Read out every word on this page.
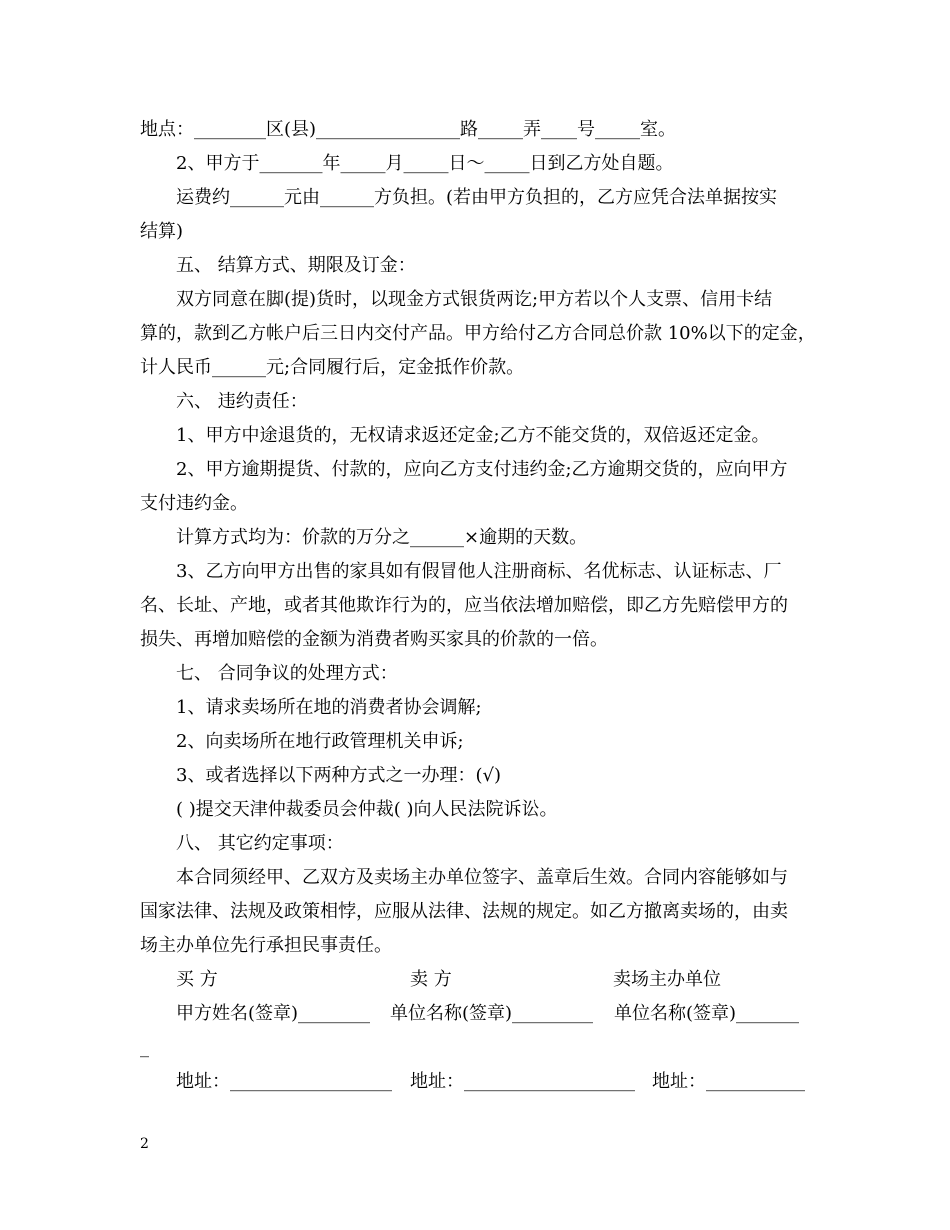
地点：________区(县)________________路_____弄____号_____室。
2、甲方于_______年_____月_____日～_____日到乙方处自题。
运费约______元由______方负担。(若由甲方负担的，乙方应凭合法单据按实
结算)
五、 结算方式、期限及订金：
双方同意在脚(提)货时，以现金方式银货两讫;甲方若以个人支票、信用卡结
算的，款到乙方帐户后三日内交付产品。甲方给付乙方合同总价款 10%以下的定金，
计人民币______元;合同履行后，定金抵作价款。
六、 违约责任：
1、甲方中途退货的，无权请求返还定金;乙方不能交货的，双倍返还定金。
2、甲方逾期提货、付款的，应向乙方支付违约金;乙方逾期交货的，应向甲方
支付违约金。
计算方式均为：价款的万分之______×逾期的天数。
3、乙方向甲方出售的家具如有假冒他人注册商标、名优标志、认证标志、厂
名、长址、产地，或者其他欺诈行为的，应当依法增加赔偿，即乙方先赔偿甲方的
损失、再增加赔偿的金额为消费者购买家具的价款的一倍。
七、 合同争议的处理方式：
1、请求卖场所在地的消费者协会调解;
2、向卖场所在地行政管理机关申诉;
3、或者选择以下两种方式之一办理：(√)
( )提交天津仲裁委员会仲裁( )向人民法院诉讼。
八、 其它约定事项：
本合同须经甲、乙双方及卖场主办单位签字、盖章后生效。合同内容能够如与
国家法律、法规及政策相悖，应服从法律、法规的规定。如乙方撤离卖场的，由卖
场主办单位先行承担民事责任。
买 方	卖 方	卖场主办单位
甲方姓名(签章)________ 单位名称(签章)_________ 单位名称(签章)_______
_
地址：__________________ 地址：___________________ 地址：___________
2
